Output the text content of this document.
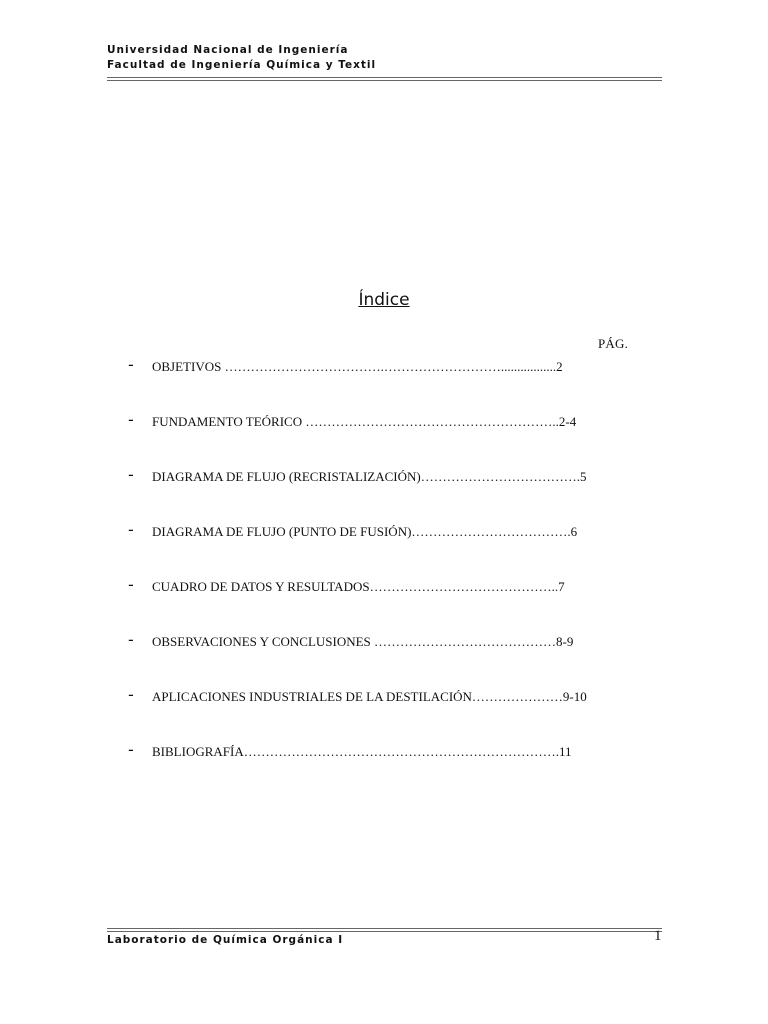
Universidad Nacional de Ingeniería
Facultad de Ingeniería Química y Textil
Índice
PÁG.
- OBJETIVOS ……………………………….……………………….................2
- FUNDAMENTO TEÓRICO …………………………………………………..2-4
- DIAGRAMA DE FLUJO (RECRISTALIZACIÓN)……………………………….5
- DIAGRAMA DE FLUJO (PUNTO DE FUSIÓN)……………………………….6
- CUADRO DE DATOS Y RESULTADOS……………………………………..7
- OBSERVACIONES Y CONCLUSIONES ……………………………………8-9
- APLICACIONES INDUSTRIALES DE LA DESTILACIÓN…………………9-10
- BIBLIOGRAFÍA……………………………………………………………….11
Laboratorio de Química Orgánica I	1
